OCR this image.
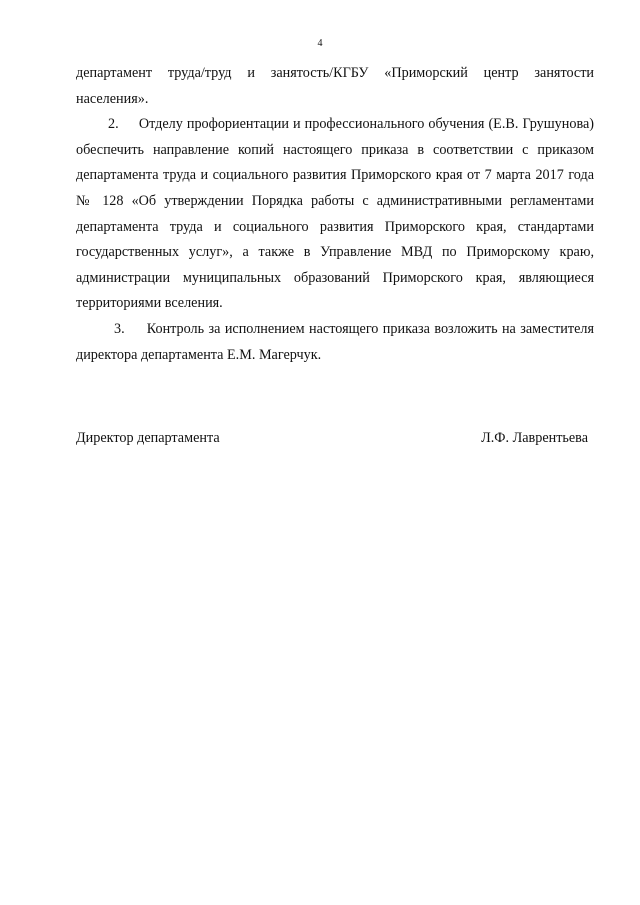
4

департамент труда/труд и занятость/КГБУ «Приморский центр занятости населения».

2.     Отделу профориентации и профессионального обучения (Е.В. Грушунова) обеспечить направление копий настоящего приказа в соответствии с приказом департамента труда и социального развития Приморского края от 7 марта 2017 года № 128 «Об утверждении Порядка работы с административными регламентами департамента труда и социального развития Приморского края, стандартами государственных услуг», а также в Управление МВД по Приморскому краю, администрации муниципальных образований Приморского края, являющиеся территориями вселения.

3.     Контроль за исполнением настоящего приказа возложить на заместителя директора департамента Е.М. Магерчук.

Директор департамента	Л.Ф. Лаврентьева
